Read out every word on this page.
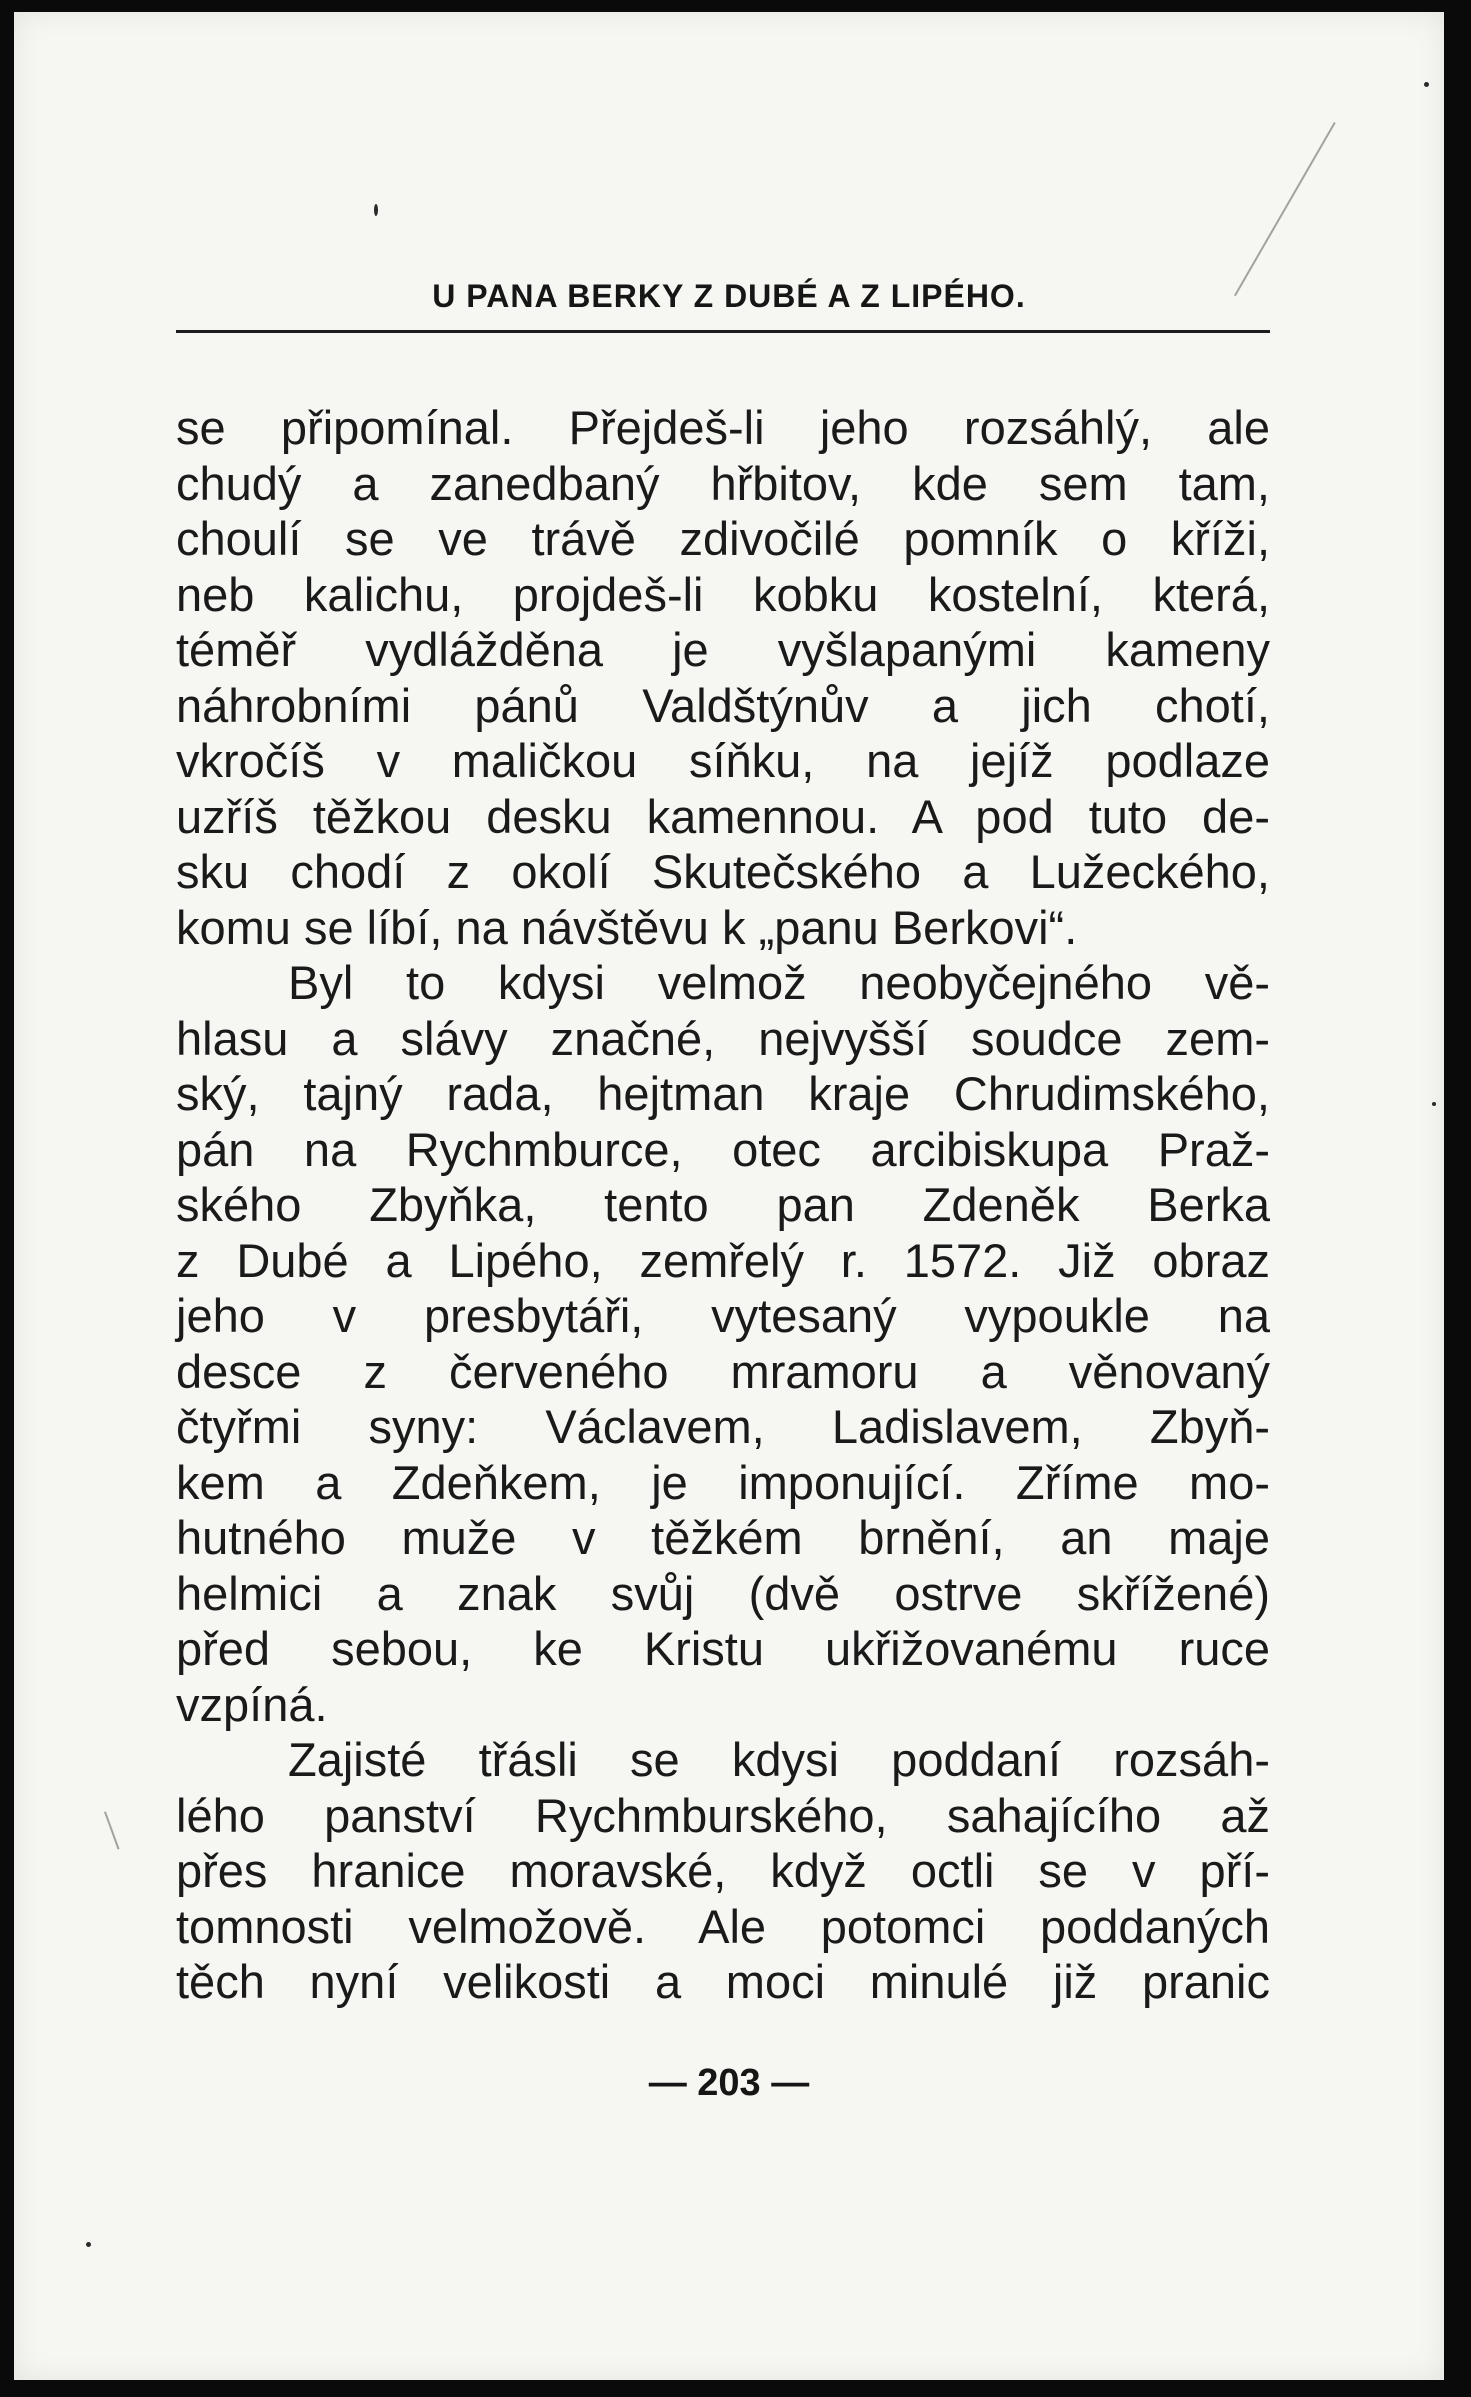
U PANA BERKY Z DUBÉ A Z LIPÉHO.
se připomínal. Přejdeš-li jeho rozsáhlý, ale
chudý a zanedbaný hřbitov, kde sem tam,
choulí se ve trávě zdivočilé pomník o kříži,
neb kalichu, projdeš-li kobku kostelní, která,
téměř vydlážděna je vyšlapanými kameny
náhrobními pánů Valdštýnův a jich chotí,
vkročíš v maličkou síňku, na jejíž podlaze
uzříš těžkou desku kamennou. A pod tuto de-
sku chodí z okolí Skutečského a Lužeckého,
komu se líbí, na návštěvu k „panu Berkovi“.
Byl to kdysi velmož neobyčejného vě-
hlasu a slávy značné, nejvyšší soudce zem-
ský, tajný rada, hejtman kraje Chrudimského,
pán na Rychmburce, otec arcibiskupa Praž-
ského Zbyňka, tento pan Zdeněk Berka
z Dubé a Lipého, zemřelý r. 1572. Již obraz
jeho v presbytáři, vytesaný vypoukle na
desce z červeného mramoru a věnovaný
čtyřmi syny: Václavem, Ladislavem, Zbyň-
kem a Zdeňkem, je imponující. Zříme mo-
hutného muže v těžkém brnění, an maje
helmici a znak svůj (dvě ostrve skřížené)
před sebou, ke Kristu ukřižovanému ruce
vzpíná.
Zajisté třásli se kdysi poddaní rozsáh-
lého panství Rychmburského, sahajícího až
přes hranice moravské, když octli se v pří-
tomnosti velmožově. Ale potomci poddaných
těch nyní velikosti a moci minulé již pranic
— 203 —
